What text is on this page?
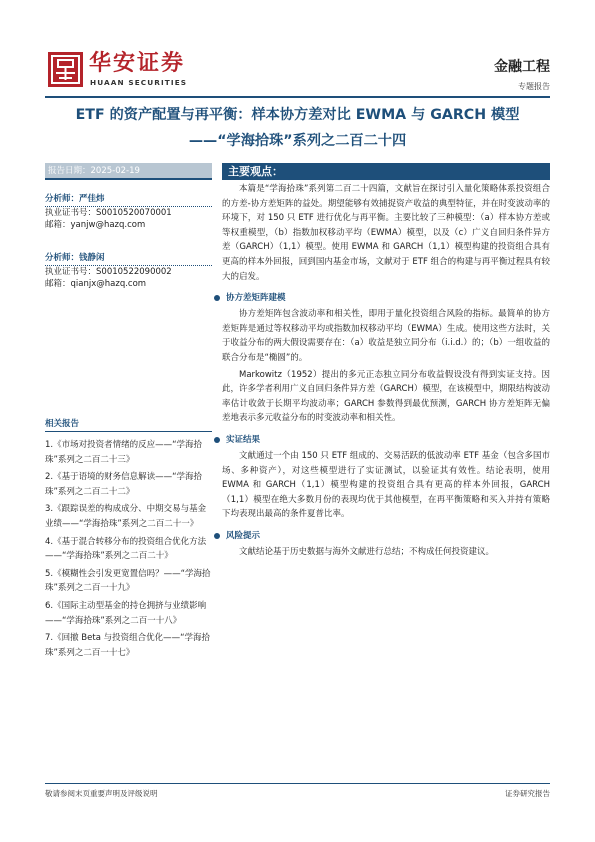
华安证券
HUAAN SECURITIES
金融工程
专题报告
ETF 的资产配置与再平衡：样本协方差对比 EWMA 与 GARCH 模型
——“学海拾珠”系列之二百二十四
报告日期：2025-02-19
分析师：严佳炜
执业证书号：S0010520070001
邮箱：yanjw@hazq.com
分析师：钱静闲
执业证书号：S0010522090002
邮箱：qianjx@hazq.com
相关报告
1.《市场对投资者情绪的反应——“学海拾珠”系列之二百二十三》
2.《基于语境的财务信息解读——“学海拾珠”系列之二百二十二》
3.《跟踪误差的构成成分、中期交易与基金业绩——“学海拾珠”系列之二百二十一》
4.《基于混合转移分布的投资组合优化方法——“学海拾珠”系列之二百二十》
5.《模糊性会引发更宽置信吗？——“学海拾珠”系列之二百一十九》
6.《国际主动型基金的持仓拥挤与业绩影响——“学海拾珠”系列之二百一十八》
7.《回撤 Beta 与投资组合优化——“学海拾珠”系列之二百一十七》
主要观点：

本篇是“学海拾珠”系列第二百二十四篇，文献旨在探讨引入量化策略体系投资组合的方差-协方差矩阵的益处。期望能够有效捕捉资产收益的典型特征，并在时变波动率的环境下，对 150 只 ETF 进行优化与再平衡。主要比较了三种模型：（a）样本协方差或等权重模型，（b）指数加权移动平均（EWMA）模型，以及（c）广义自回归条件异方差（GARCH）（1,1）模型。使用 EWMA 和 GARCH（1,1）模型构建的投资组合具有更高的样本外回报，回到国内基金市场，文献对于 ETF 组合的构建与再平衡过程具有较大的启发。

协方差矩阵建模

协方差矩阵包含波动率和相关性，即用于量化投资组合风险的指标。最简单的协方差矩阵是通过等权移动平均或指数加权移动平均（EWMA）生成。使用这些方法时，关于收益分布的两大假设需要存在：（a）收益是独立同分布（i.i.d.）的；（b）一组收益的联合分布是“椭圆”的。

Markowitz（1952）提出的多元正态独立同分布收益假设没有得到实证支持。因此，许多学者利用广义自回归条件异方差（GARCH）模型，在该模型中，期限结构波动率估计收敛于长期平均波动率；GARCH 参数得到最优预测，GARCH 协方差矩阵无偏差地表示多元收益分布的时变波动率和相关性。

实证结果

文献通过一个由 150 只 ETF 组成的、交易活跃的低波动率 ETF 基金（包含多国市场、多种资产），对这些模型进行了实证测试，以验证其有效性。结论表明，使用 EWMA 和 GARCH（1,1）模型构建的投资组合具有更高的样本外回报，GARCH（1,1）模型在绝大多数月份的表现均优于其他模型，在再平衡策略和买入并持有策略下均表现出最高的条件夏普比率。

风险提示

文献结论基于历史数据与海外文献进行总结；不构成任何投资建议。

敬请参阅末页重要声明及评级说明	证券研究报告
